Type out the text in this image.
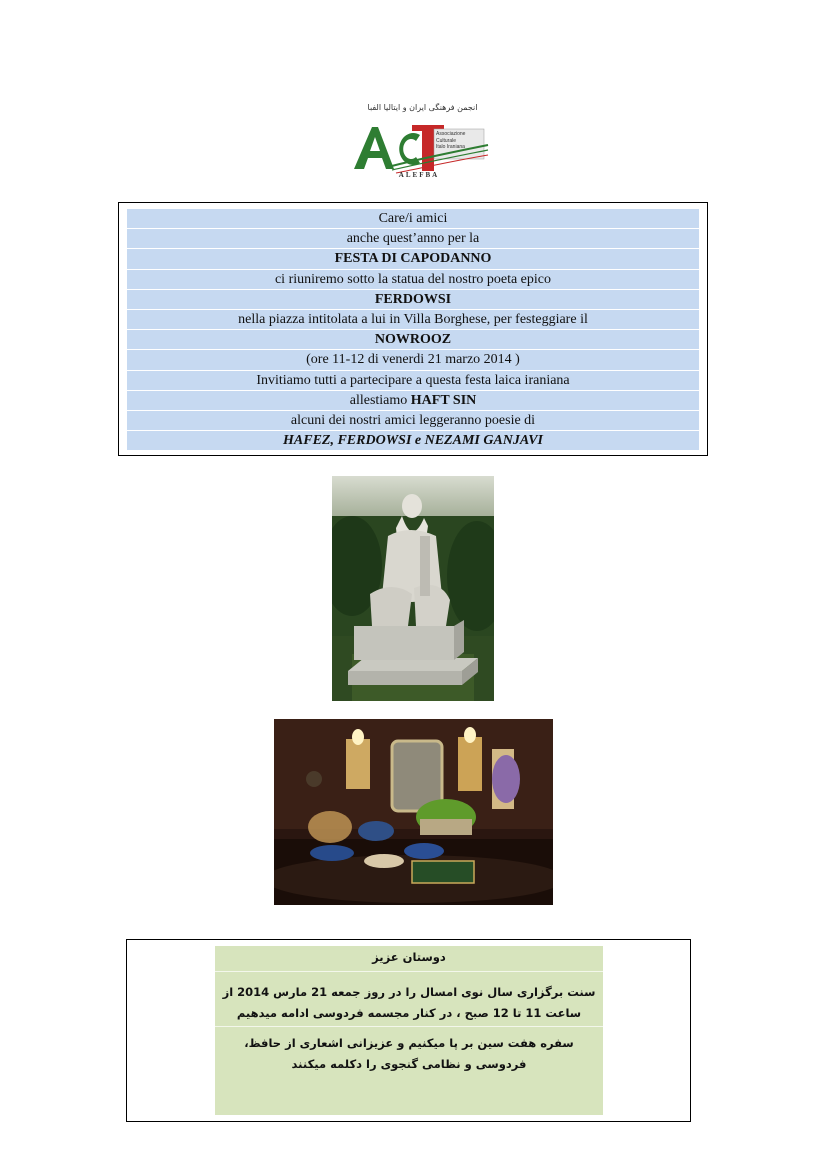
انجمن فرهنگی ایران و ایتالیا الفبا
Associazione
Culturale
Italo Iraniana
ALEFBA
Care/i amici
anche quest’anno per la
FESTA DI CAPODANNO
ci riuniremo sotto la statua del nostro poeta epico
FERDOWSI
nella piazza intitolata a lui in Villa Borghese, per festeggiare il
NOWROOZ
(ore 11-12 di venerdi 21 marzo 2014 )
Invitiamo tutti a partecipare a questa festa laica iraniana
allestiamo HAFT SIN
alcuni dei nostri amici leggeranno poesie di
HAFEZ, FERDOWSI e NEZAMI GANJAVI
دوستان عزیز
سنت برگزاری سال نوی امسال را در روز جمعه 21 مارس 2014 از ساعت 11 تا 12 صبح ، در کنار مجسمه فردوسی ادامه میدهیم
سفره هفت سین بر پا میکنیم و عزیزانی اشعاری از حافظ، فردوسی و نظامی گنجوی را دکلمه میکنند
